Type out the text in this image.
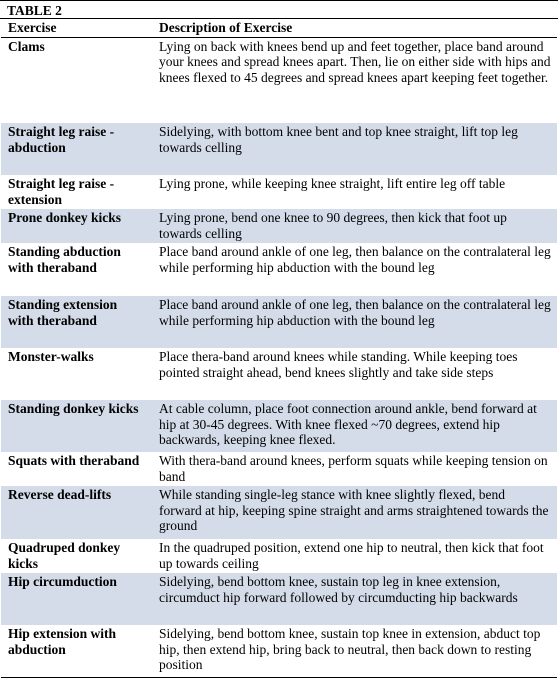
TABLE 2
Exercise	Description of Exercise
Clams	Lying on back with knees bend up and feet together, place band around your knees and spread knees apart. Then, lie on either side with hips and knees flexed to 45 degrees and spread knees apart keeping feet together.
Straight leg raise - abduction	Sidelying, with bottom knee bent and top knee straight, lift top leg towards celling
Straight leg raise - extension	Lying prone, while keeping knee straight, lift entire leg off table
Prone donkey kicks	Lying prone, bend one knee to 90 degrees, then kick that foot up towards celling
Standing abduction with theraband	Place band around ankle of one leg, then balance on the contralateral leg while performing hip abduction with the bound leg
Standing extension with theraband	Place band around ankle of one leg, then balance on the contralateral leg while performing hip abduction with the bound leg
Monster-walks	Place thera-band around knees while standing. While keeping toes pointed straight ahead, bend knees slightly and take side steps
Standing donkey kicks	At cable column, place foot connection around ankle, bend forward at hip at 30-45 degrees. With knee flexed ~70 degrees, extend hip backwards, keeping knee flexed.
Squats with theraband	With thera-band around knees, perform squats while keeping tension on band
Reverse dead-lifts	While standing single-leg stance with knee slightly flexed, bend forward at hip, keeping spine straight and arms straightened towards the ground
Quadruped donkey kicks	In the quadruped position, extend one hip to neutral, then kick that foot up towards ceiling
Hip circumduction	Sidelying, bend bottom knee, sustain top leg in knee extension, circumduct hip forward followed by circumducting hip backwards
Hip extension with abduction	Sidelying, bend bottom knee, sustain top knee in extension, abduct top hip, then extend hip, bring back to neutral, then back down to resting position
